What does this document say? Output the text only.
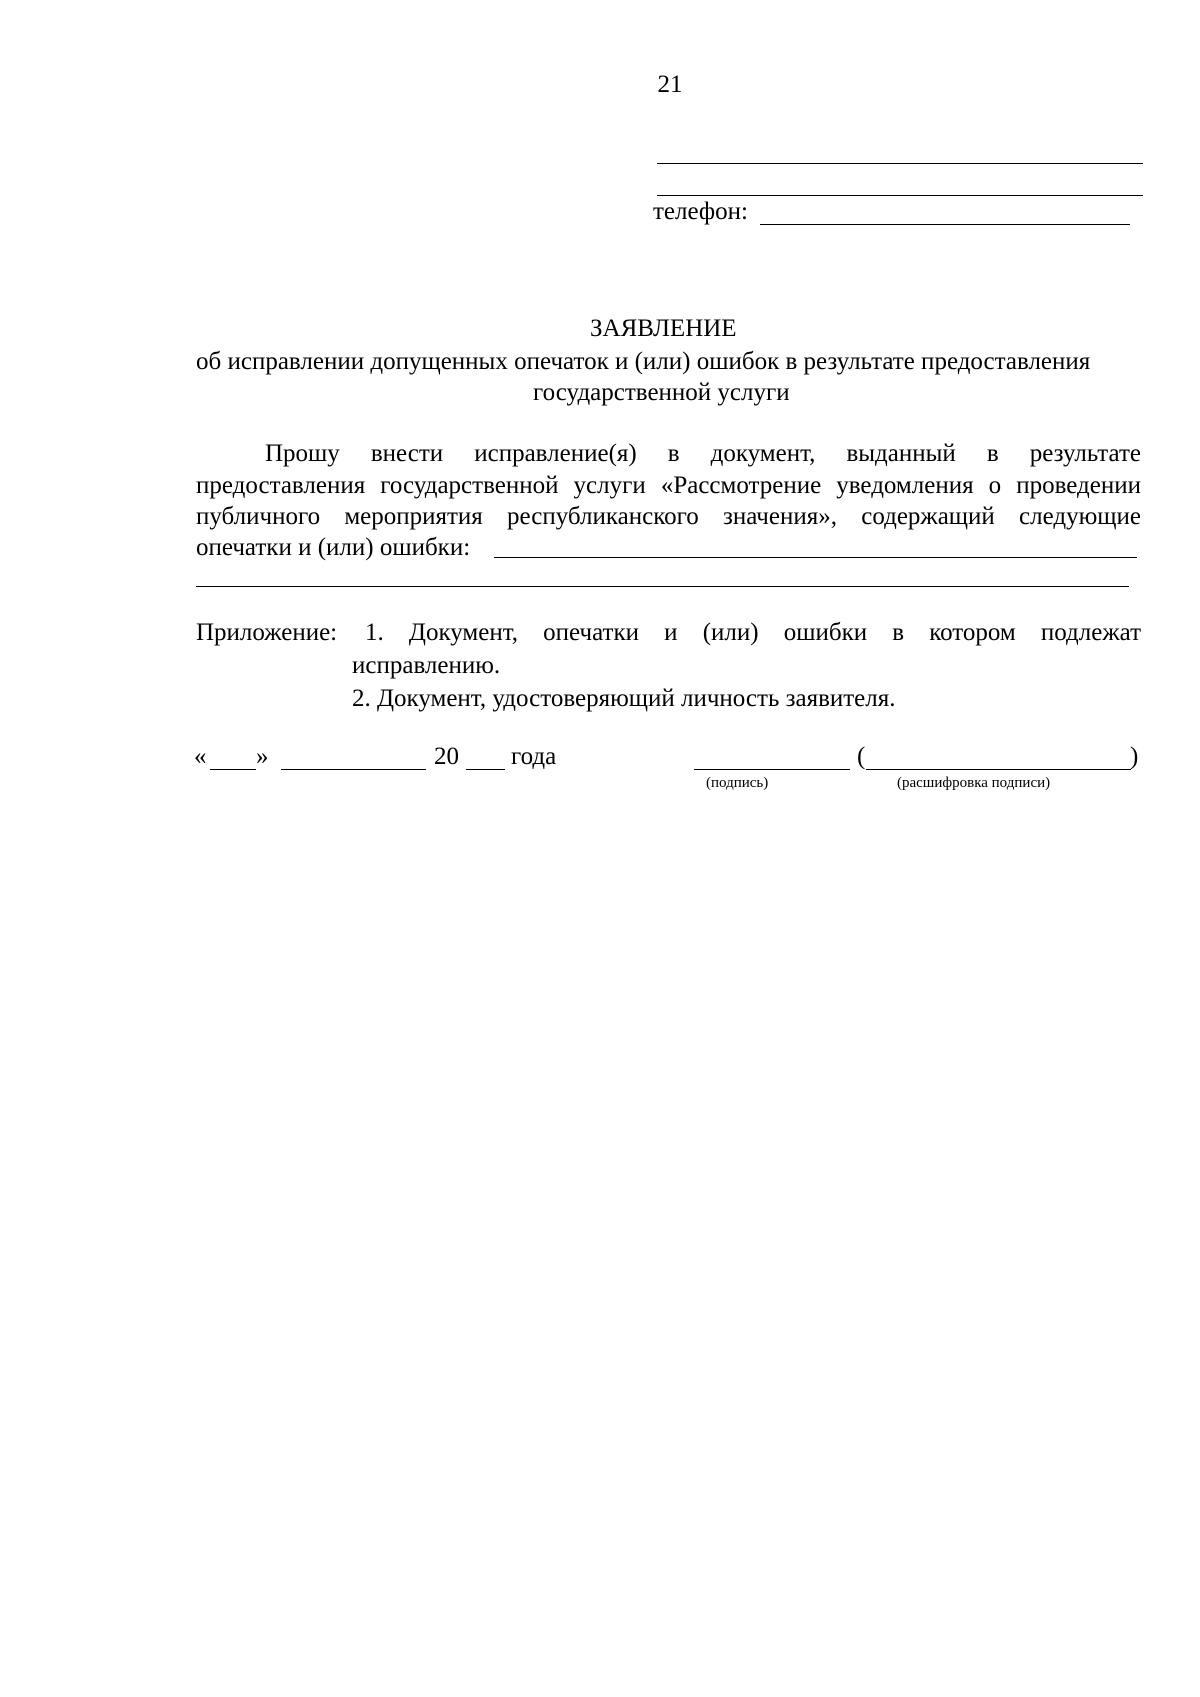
21
телефон:
ЗАЯВЛЕНИЕ
об исправлении допущенных опечаток и (или) ошибок в результате предоставления
государственной услуги
Прошу внести исправление(я) в документ, выданный в результате
предоставления государственной услуги «Рассмотрение уведомления о проведении
публичного мероприятия республиканского значения», содержащий следующие
опечатки и (или) ошибки:
Приложение: 1. Документ, опечатки и (или) ошибки в котором подлежат
исправлению.
2. Документ, удостоверяющий личность заявителя.
« »	20 года	(	)
(подпись)	(расшифровка подписи)
